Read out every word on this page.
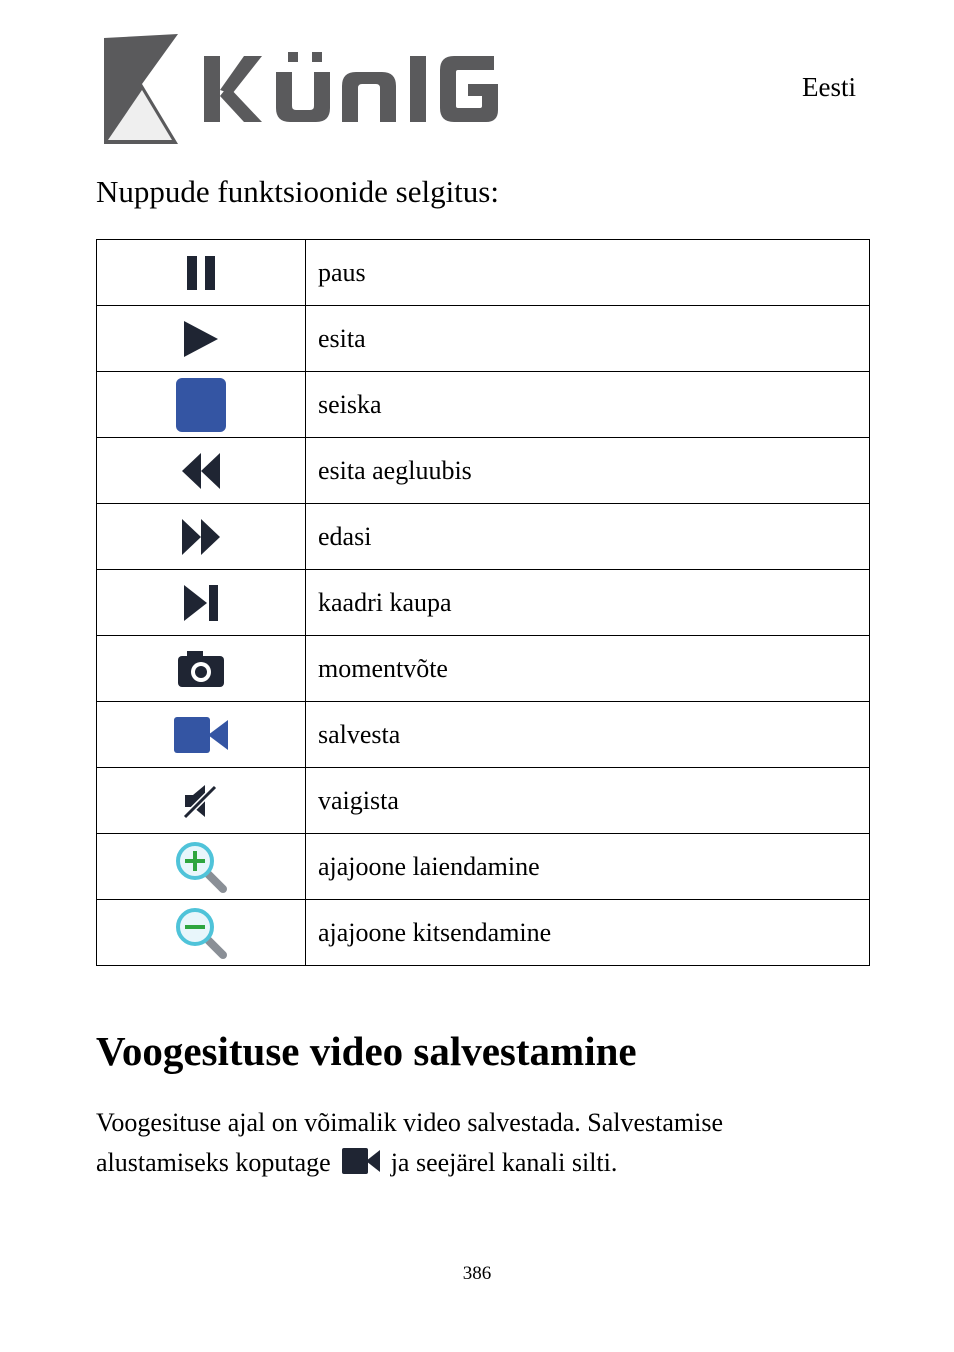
Eesti
Nuppude funktsioonide selgitus:
	paus

	esita

	seiska

	esita aegluubis

	edasi

	kaadri kaupa

	momentvõte

	salvesta

	vaigista

	ajajoone laiendamine

	ajajoone kitsendamine
Voogesituse video salvestamine
Voogesituse ajal on võimalik video salvestada. Salvestamise
alustamiseks koputage ja seejärel kanali silti.
386
